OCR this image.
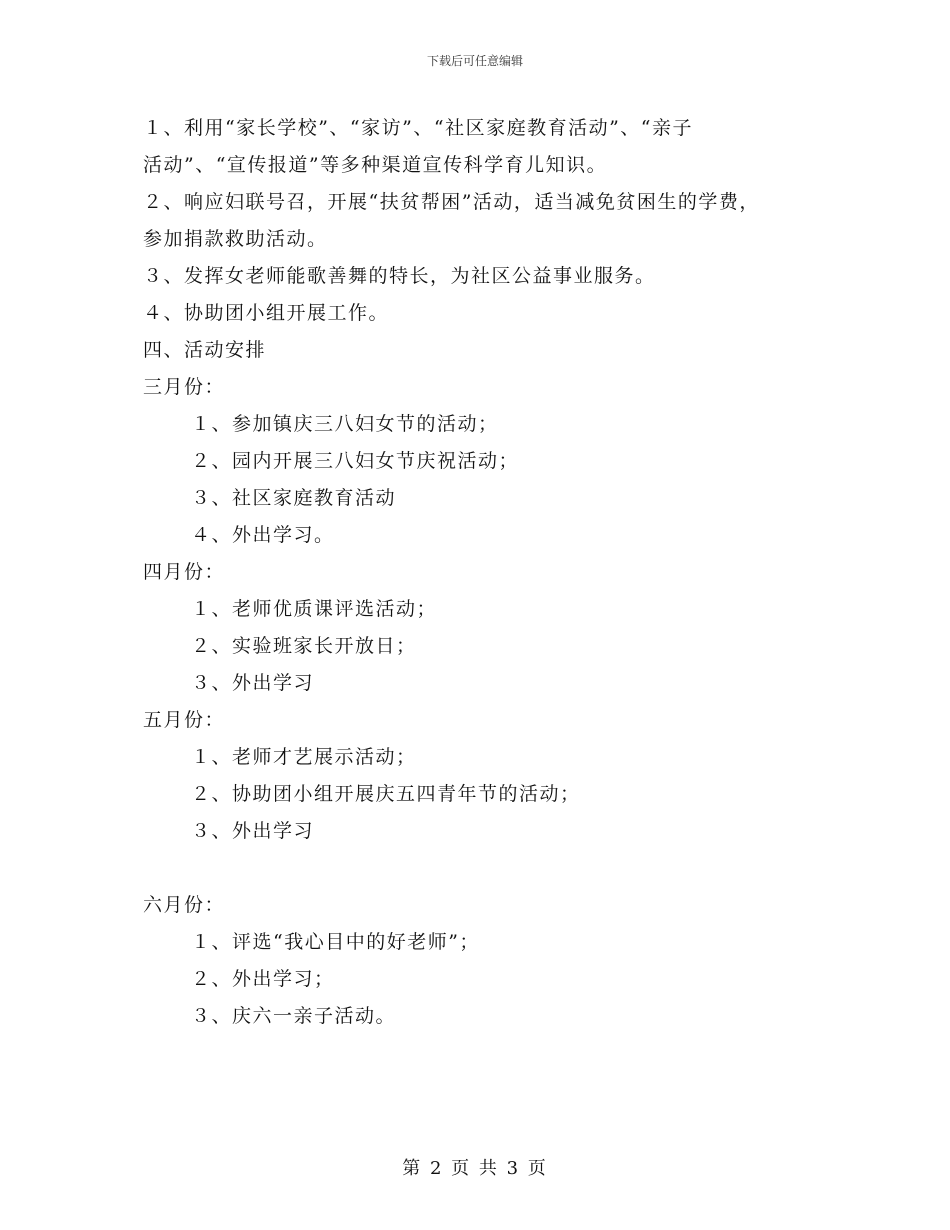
下载后可任意编辑
１、利用“家长学校”、“家访”、“社区家庭教育活动”、“亲子
活动”、“宣传报道”等多种渠道宣传科学育儿知识。
２、响应妇联号召，开展“扶贫帮困”活动，适当减免贫困生的学费，
参加捐款救助活动。
３、发挥女老师能歌善舞的特长，为社区公益事业服务。
４、协助团小组开展工作。
四、活动安排
三月份：
１、参加镇庆三八妇女节的活动；
２、园内开展三八妇女节庆祝活动；
３、社区家庭教育活动
４、外出学习。
四月份：
１、老师优质课评选活动；
２、实验班家长开放日；
３、外出学习
五月份：
１、老师才艺展示活动；
２、协助团小组开展庆五四青年节的活动；
３、外出学习
六月份：
１、评选“我心目中的好老师”；
２、外出学习；
３、庆六一亲子活动。
第 2 页 共 3 页
